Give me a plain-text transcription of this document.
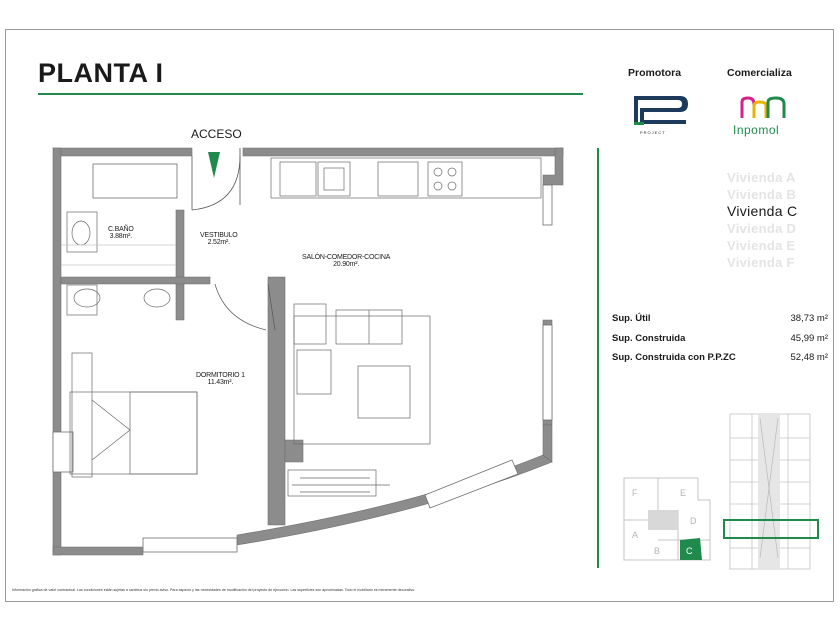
PLANTA I
ACCESO
C.BAÑO
3.88m².	VESTIBULO
2.52m².
SALÓN-COMEDOR-COCINA
20.90m².
DORMITORIO 1
11.43m².
Promotora	Comercializa
PROJECT	Inpomol
Vivienda A
Vivienda B
Vivienda C
Vivienda D
Vivienda E
Vivienda F
Sup. Útil	38,73 m²
Sup. Construida	45,99 m²
Sup. Construida con P.P.ZC	52,48 m²
F	E
A
D
B	C
Información gráfica de valor contractual. Las condiciones están sujetas a cambios sin previo aviso. Para aspecto y las necesidades de modificación del proyecto de ejecución. Las superficies son aproximadas. Todo el mobiliario es meramente decorativo.
